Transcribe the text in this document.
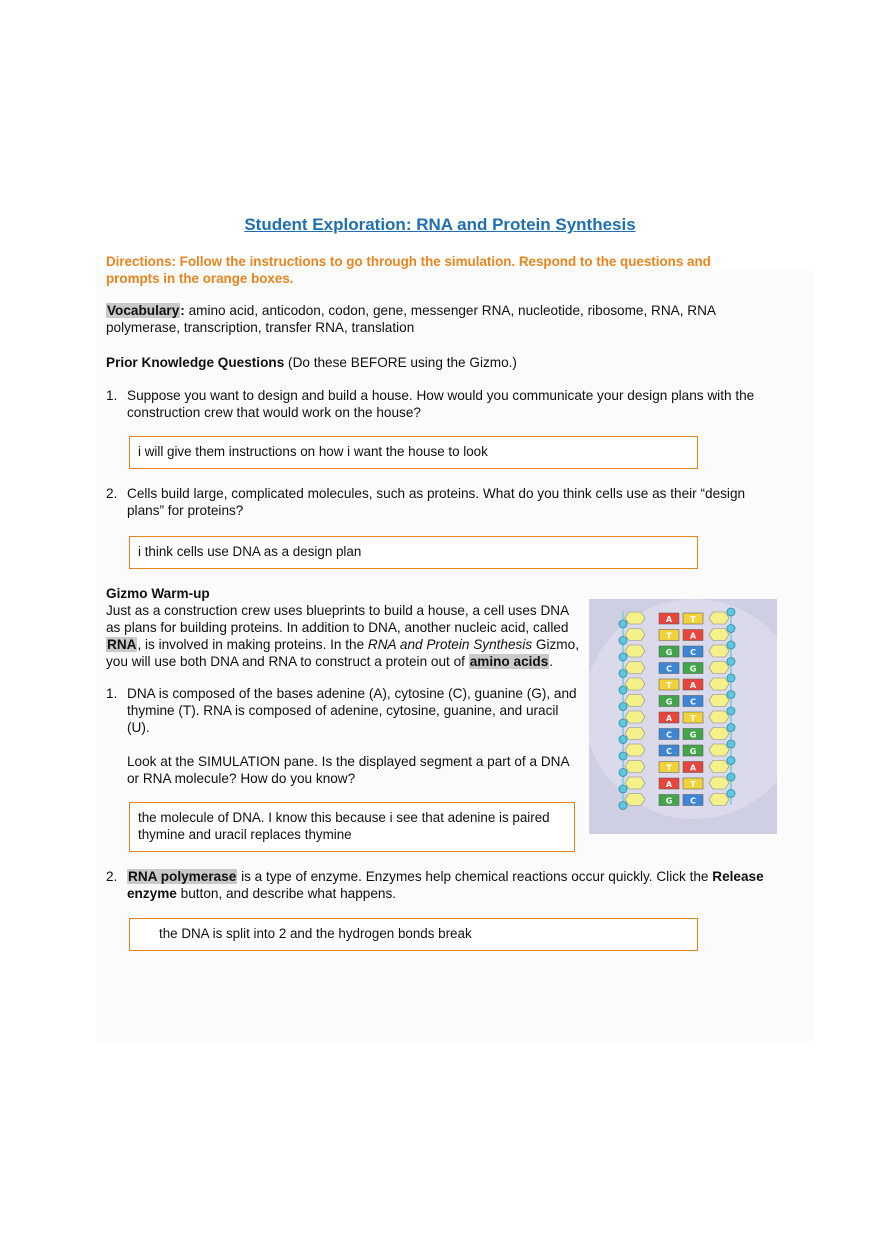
Student Exploration: RNA and Protein Synthesis
Directions: Follow the instructions to go through the simulation. Respond to the questions and prompts in the orange boxes.
Vocabulary: amino acid, anticodon, codon, gene, messenger RNA, nucleotide, ribosome, RNA, RNA polymerase, transcription, transfer RNA, translation
Prior Knowledge Questions (Do these BEFORE using the Gizmo.)
1. Suppose you want to design and build a house. How would you communicate your design plans with the construction crew that would work on the house?
i will give them instructions on how i want the house to look
2. Cells build large, complicated molecules, such as proteins. What do you think cells use as their “design plans” for proteins?
i think cells use DNA as a design plan
Gizmo Warm-up
Just as a construction crew uses blueprints to build a house, a cell uses DNA as plans for building proteins. In addition to DNA, another nucleic acid, called RNA, is involved in making proteins. In the RNA and Protein Synthesis Gizmo, you will use both DNA and RNA to construct a protein out of amino acids.
1. DNA is composed of the bases adenine (A), cytosine (C), guanine (G), and thymine (T). RNA is composed of adenine, cytosine, guanine, and uracil (U).
Look at the SIMULATION pane. Is the displayed segment a part of a DNA or RNA molecule? How do you know?
the molecule of DNA. I know this because i see that adenine is paired thymine and uracil replaces thymine
2. RNA polymerase is a type of enzyme. Enzymes help chemical reactions occur quickly. Click the Release enzyme button, and describe what happens.
the DNA is split into 2 and the hydrogen bonds break
A T
T A
G C
C G
T A
G C
A T
C G
C G
T A
A T
G C
